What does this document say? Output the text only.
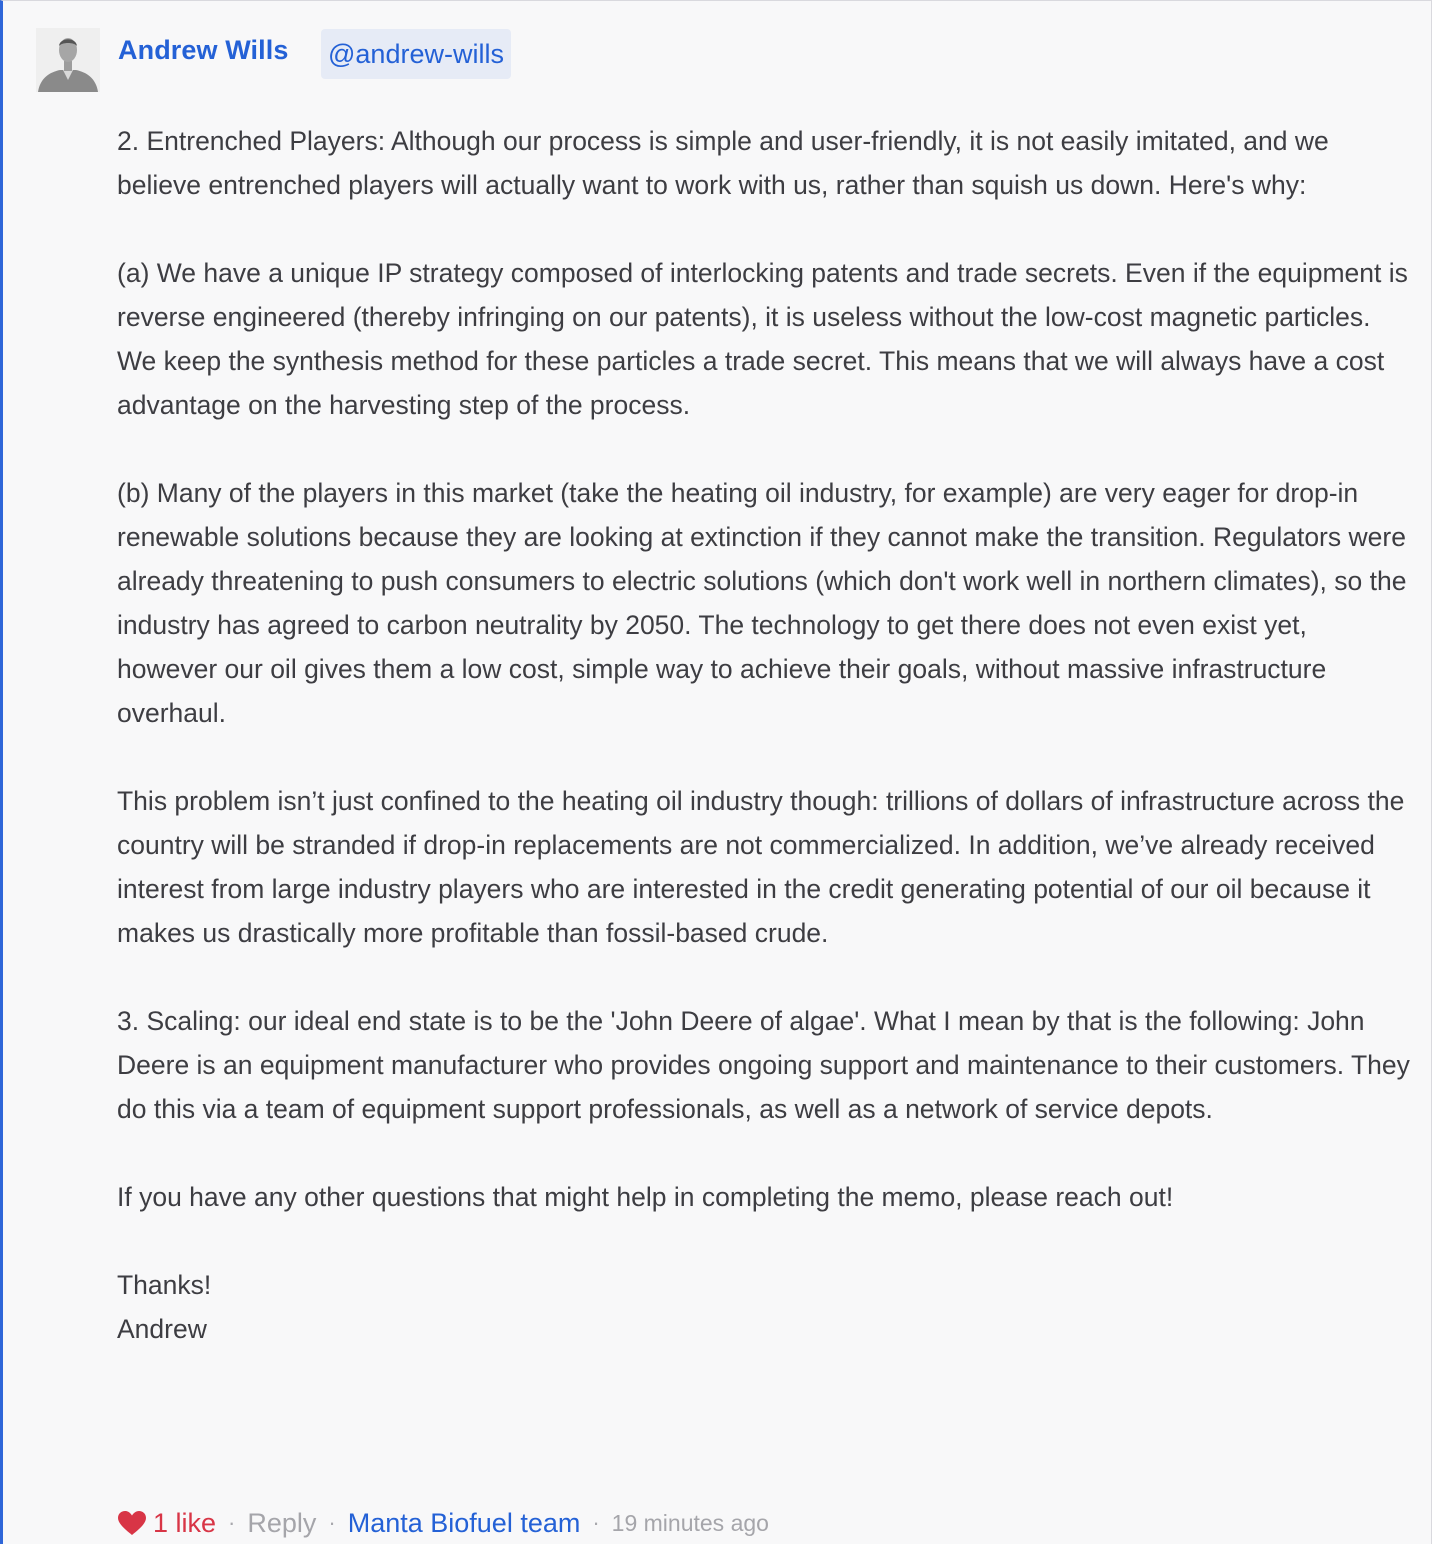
Andrew Wills @andrew-wills

2. Entrenched Players: Although our process is simple and user-friendly, it is not easily imitated, and we believe entrenched players will actually want to work with us, rather than squish us down. Here's why:

(a) We have a unique IP strategy composed of interlocking patents and trade secrets. Even if the equipment is reverse engineered (thereby infringing on our patents), it is useless without the low-cost magnetic particles. We keep the synthesis method for these particles a trade secret. This means that we will always have a cost advantage on the harvesting step of the process.

(b) Many of the players in this market (take the heating oil industry, for example) are very eager for drop-in renewable solutions because they are looking at extinction if they cannot make the transition. Regulators were already threatening to push consumers to electric solutions (which don't work well in northern climates), so the industry has agreed to carbon neutrality by 2050. The technology to get there does not even exist yet, however our oil gives them a low cost, simple way to achieve their goals, without massive infrastructure overhaul.

This problem isn’t just confined to the heating oil industry though: trillions of dollars of infrastructure across the country will be stranded if drop-in replacements are not commercialized. In addition, we’ve already received interest from large industry players who are interested in the credit generating potential of our oil because it makes us drastically more profitable than fossil-based crude.

3. Scaling: our ideal end state is to be the 'John Deere of algae'. What I mean by that is the following: John Deere is an equipment manufacturer who provides ongoing support and maintenance to their customers. They do this via a team of equipment support professionals, as well as a network of service depots.

If you have any other questions that might help in completing the memo, please reach out!

Thanks!
Andrew

1 like · Reply · Manta Biofuel team · 19 minutes ago
